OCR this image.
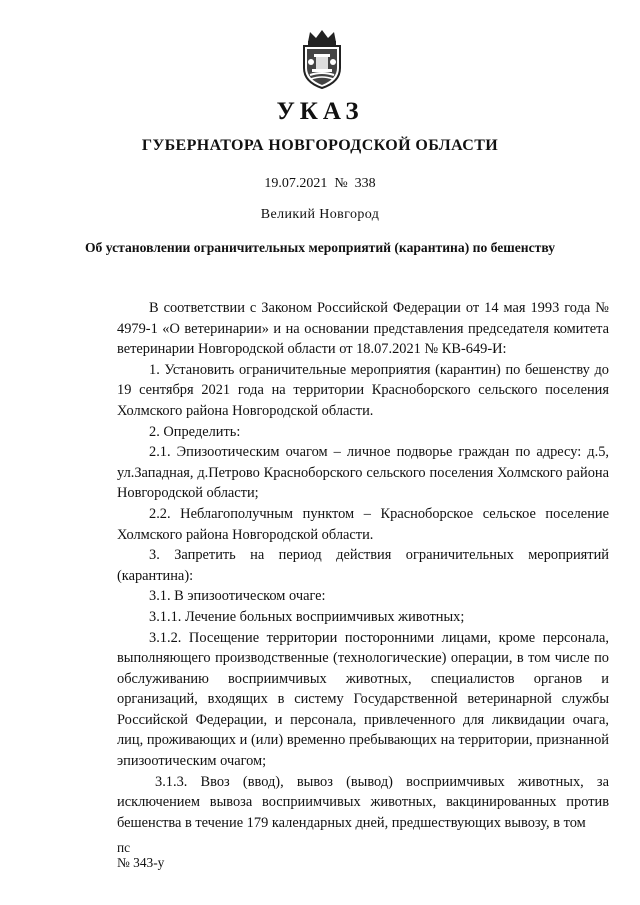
УКАЗ
ГУБЕРНАТОРА НОВГОРОДСКОЙ ОБЛАСТИ
19.07.2021 № 338
Великий Новгород
Об установлении ограничительных мероприятий (карантина) по бешенству

В соответствии с Законом Российской Федерации от 14 мая 1993 года № 4979-1 «О ветеринарии» и на основании представления председателя комитета ветеринарии Новгородской области от 18.07.2021 № КВ-649-И:

1. Установить ограничительные мероприятия (карантин) по бешенству до 19 сентября 2021 года на территории Красноборского сельского поселения Холмского района Новгородской области.

2. Определить:

2.1. Эпизоотическим очагом – личное подворье граждан по адресу: д.5, ул.Западная, д.Петрово Красноборского сельского поселения Холмского района Новгородской области;

2.2. Неблагополучным пунктом – Красноборское сельское поселение Холмского района Новгородской области.

3. Запретить на период действия ограничительных мероприятий (карантина):

3.1. В эпизоотическом очаге:

3.1.1. Лечение больных восприимчивых животных;

3.1.2. Посещение территории посторонними лицами, кроме персонала, выполняющего производственные (технологические) операции, в том числе по обслуживанию восприимчивых животных, специалистов органов и организаций, входящих в систему Государственной ветеринарной службы Российской Федерации, и персонала, привлеченного для ликвидации очага, лиц, проживающих и (или) временно пребывающих на территории, признанной эпизоотическим очагом;

3.1.3. Ввоз (ввод), вывоз (вывод) восприимчивых животных, за исключением вывоза восприимчивых животных, вакцинированных против бешенства в течение 179 календарных дней, предшествующих вывозу, в том

пс
№ 343-у
